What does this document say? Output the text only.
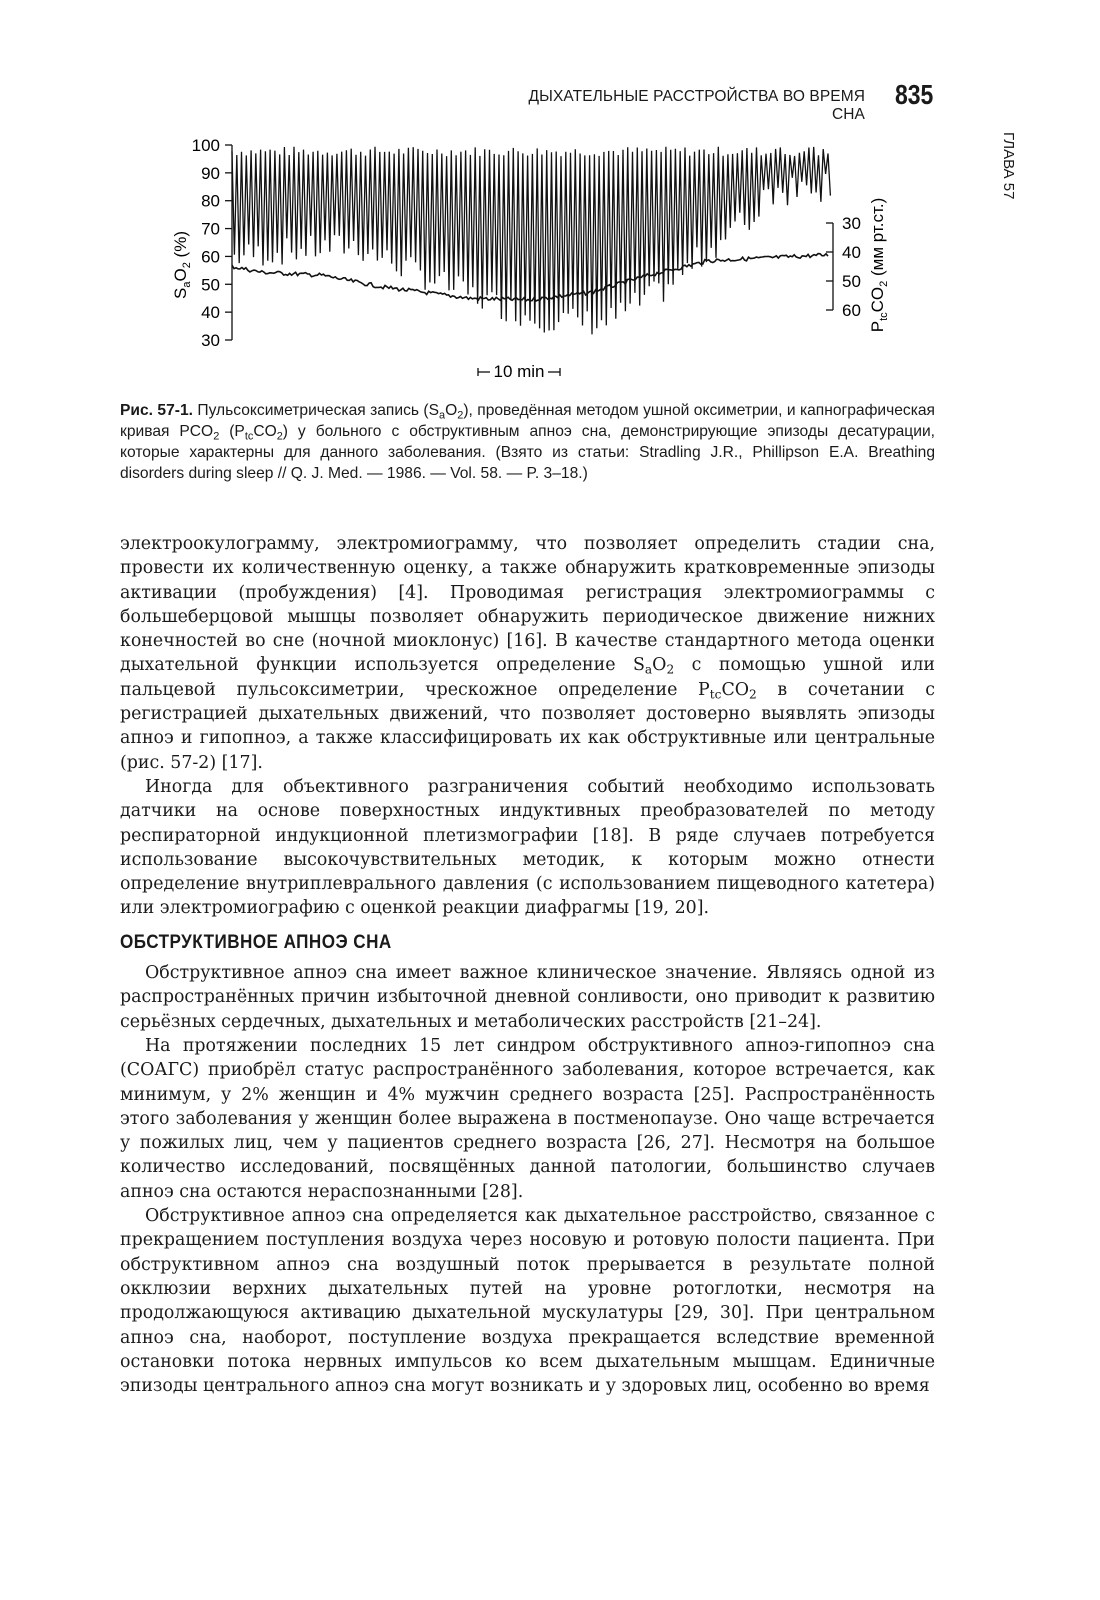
ДЫХАТЕЛЬНЫЕ РАССТРОЙСТВА ВО ВРЕМЯ СНА
835
ГЛАВА 57
100
90
80
70
60
50
40
30
30
40
50
60
$S_aO_2$ (%)
$P_{tc}CO_2$ (мм рт.ст.)
10 min
Рис. 57-1. Пульсоксиметрическая запись $(S_aO_2)$, проведённая методом ушной оксиметрии, и капнографическая кривая $PCO_2$ $(P_{tc}CO_2)$ у больного с обструктивным апноэ сна, демонстрирующие эпизоды десатурации, которые характерны для данного заболевания. (Взято из статьи: Stradling J.R., Phillipson E.A. Breathing disorders during sleep // Q. J. Med. — 1986. — Vol. 58. — P. 3–18.)

электроокулограмму, электромиограмму, что позволяет определить стадии сна, провести их количественную оценку, а также обнаружить кратковременные эпизоды активации (пробуждения) [4]. Проводимая регистрация электромиограммы с большеберцовой мышцы позволяет обнаружить периодическое движение нижних конечностей во сне (ночной миоклонус) [16]. В качестве стандартного метода оценки дыхательной функции используется определение $S_aO_2$ с помощью ушной или пальцевой пульсоксиметрии, чрескожное определение $P_{tc}CO_2$ в сочетании с регистрацией дыхательных движений, что позволяет достоверно выявлять эпизоды апноэ и гипопноэ, а также классифицировать их как обструктивные или центральные (рис. 57-2) [17].

Иногда для объективного разграничения событий необходимо использовать датчики на основе поверхностных индуктивных преобразователей по методу респираторной индукционной плетизмографии [18]. В ряде случаев потребуется использование высокочувствительных методик, к которым можно отнести определение внутриплеврального давления (с использованием пищеводного катетера) или электромиографию с оценкой реакции диафрагмы [19, 20].

ОБСТРУКТИВНОЕ АПНОЭ СНА

Обструктивное апноэ сна имеет важное клиническое значение. Являясь одной из распространённых причин избыточной дневной сонливости, оно приводит к развитию серьёзных сердечных, дыхательных и метаболических расстройств [21–24].

На протяжении последних 15 лет синдром обструктивного апноэ-гипопноэ сна (СОАГС) приобрёл статус распространённого заболевания, которое встречается, как минимум, у 2% женщин и 4% мужчин среднего возраста [25]. Распространённость этого заболевания у женщин более выражена в постменопаузе. Оно чаще встречается у пожилых лиц, чем у пациентов среднего возраста [26, 27]. Несмотря на большое количество исследований, посвящённых данной патологии, большинство случаев апноэ сна остаются нераспознанными [28].

Обструктивное апноэ сна определяется как дыхательное расстройство, связанное с прекращением поступления воздуха через носовую и ротовую полости пациента. При обструктивном апноэ сна воздушный поток прерывается в результате полной окклюзии верхних дыхательных путей на уровне ротоглотки, несмотря на продолжающуюся активацию дыхательной мускулатуры [29, 30]. При центральном апноэ сна, наоборот, поступление воздуха прекращается вследствие временной остановки потока нервных импульсов ко всем дыхательным мышцам. Единичные эпизоды центрального апноэ сна могут возникать и у здоровых лиц, особенно во время
